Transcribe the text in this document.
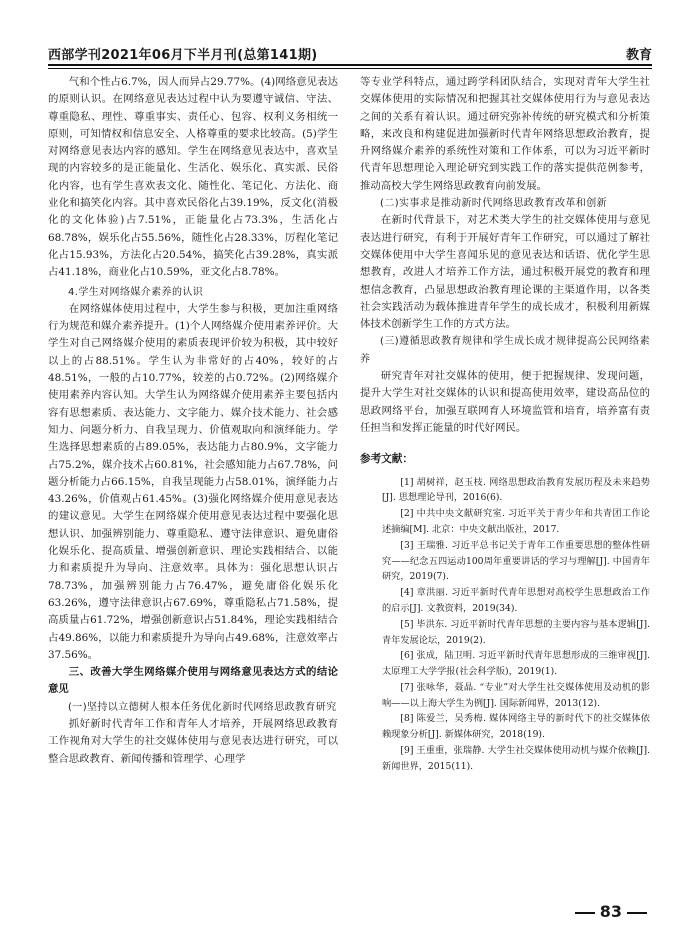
西部学刊2021年06月下半月刊(总第141期)	教育

气和个性占6.7%，因人而异占29.77%。(4)网络意见表达的原则认识。在网络意见表达过程中认为要遵守诚信、守法、尊重隐私、理性、尊重事实、责任心、包容、权利义务相统一原则，可知情权和信息安全、人格尊重的要求比较高。(5)学生对网络意见表达内容的感知。学生在网络意见表达中，喜欢呈现的内容较多的是正能量化、生活化、娱乐化、真实派、民俗化内容，也有学生喜欢表文化、随性化、笔记化、方法化、商业化和搞笑化内容。其中喜欢民俗化占39.19%，反文化(消极化的文化体验)占7.51%，正能量化占73.3%，生活化占68.78%，娱乐化占55.56%，随性化占28.33%，厉程化笔记化占15.93%，方法化占20.54%，搞笑化占39.28%，真实派占41.18%，商业化占10.59%，亚文化占8.78%。

4.学生对网络媒介素养的认识

在网络媒体使用过程中，大学生参与积极，更加注重网络行为规范和媒介素养提升。(1)个人网络媒介使用素养评价。大学生对自己网络媒介使用的素质表现评价较为积极，其中较好以上的占88.51%。学生认为非常好的占40%，较好的占48.51%，一般的占10.77%，较差的占0.72%。(2)网络媒介使用素养内容认知。大学生认为网络媒介使用素养主要包括内容有思想素质、表达能力、文字能力、媒介技术能力、社会感知力、问题分析力、自我呈现力、价值观取向和演绎能力。学生选择思想素质的占89.05%，表达能力占80.9%，文字能力占75.2%，媒介技术占60.81%，社会感知能力占67.78%，问题分析能力占66.15%，自我呈现能力占58.01%，演绎能力占43.26%，价值观占61.45%。(3)强化网络媒介使用意见表达的建议意见。大学生在网络媒介使用意见表达过程中要强化思想认识、加强辨别能力、尊重隐私、遵守法律意识、避免庸俗化娱乐化、提高质量、增强创新意识、理论实践相结合、以能力和素质提升为导向、注意效率。具体为：强化思想认识占78.73%，加强辨别能力占76.47%，避免庸俗化娱乐化63.26%，遵守法律意识占67.69%，尊重隐私占71.58%，提高质量占61.72%，增强创新意识占51.84%，理论实践相结合占49.86%，以能力和素质提升为导向占49.68%，注意效率占37.56%。

三、改善大学生网络媒介使用与网络意见表达方式的结论意见

(一)坚持以立德树人根本任务优化新时代网络思政教育研究

抓好新时代青年工作和青年人才培养，开展网络思政教育工作视角对大学生的社交媒体使用与意见表达进行研究，可以整合思政教育、新闻传播和管理学、心理学

等专业学科特点，通过跨学科团队结合，实现对青年大学生社交媒体使用的实际情况和把握其社交媒体使用行为与意见表达之间的关系有着认识。通过研究弥补传统的研究模式和分析策略，来改良和构建促进加强新时代青年网络思想政治教育，提升网络媒介素养的系统性对策和工作体系，可以为习近平新时代青年思想理论入理论研究到实践工作的落实提供范例参考，推动高校大学生网络思政教育向前发展。

(二)实事求是推动新时代网络思政教育改革和创新

在新时代背景下，对艺术类大学生的社交媒体使用与意见表达进行研究，有利于开展好青年工作研究，可以通过了解社交媒体使用中大学生喜闻乐见的意见表达和话语、优化学生思想教育，改进人才培养工作方法，通过积极开展党的教育和理想信念教育，凸显思想政治教育理论课的主渠道作用，以各类社会实践活动为载体推进青年学生的成长成才，积极利用新媒体技术创新学生工作的方式方法。

(三)遵循思政教育规律和学生成长成才规律提高公民网络素养

研究青年对社交媒体的使用，便于把握规律、发现问题，提升大学生对社交媒体的认识和提高使用效率，建设高品位的思政网络平台，加强互联网育人环境监管和培育，培养富有责任担当和发挥正能量的时代好网民。

参考文献：

[1] 胡树祥，赵玉枝. 网络思想政治教育发展历程及未来趋势[J]. 思想理论导刊，2016(6).

[2] 中共中央文献研究室. 习近平关于青少年和共青团工作论述摘编[M]. 北京：中央文献出版社，2017.

[3] 王瑞雅. 习近平总书记关于青年工作重要思想的整体性研究——纪念五四运动100周年重要讲话的学习与理解[J]. 中国青年研究，2019(7).

[4] 章洪丽. 习近平新时代青年思想对高校学生思想政治工作的启示[J]. 文教资料，2019(34).

[5] 毕洪东. 习近平新时代青年思想的主要内容与基本逻辑[J]. 青年发展论坛，2019(2).

[6] 张成，陆卫明. 习近平新时代青年思想形成的三维审视[J]. 太原理工大学学报(社会科学版)，2019(1).

[7] 张咏华，聂晶. “专业”对大学生社交媒体使用及动机的影响——以上海大学生为例[J]. 国际新闻界，2013(12).

[8] 陈爱兰，吴秀梅. 媒体网络主导的新时代下的社交媒体依赖现象分析[J]. 新媒体研究，2018(19).

[9] 王重重，张瑞静. 大学生社交媒体使用动机与媒介依赖[J]. 新闻世界，2015(11).

83
